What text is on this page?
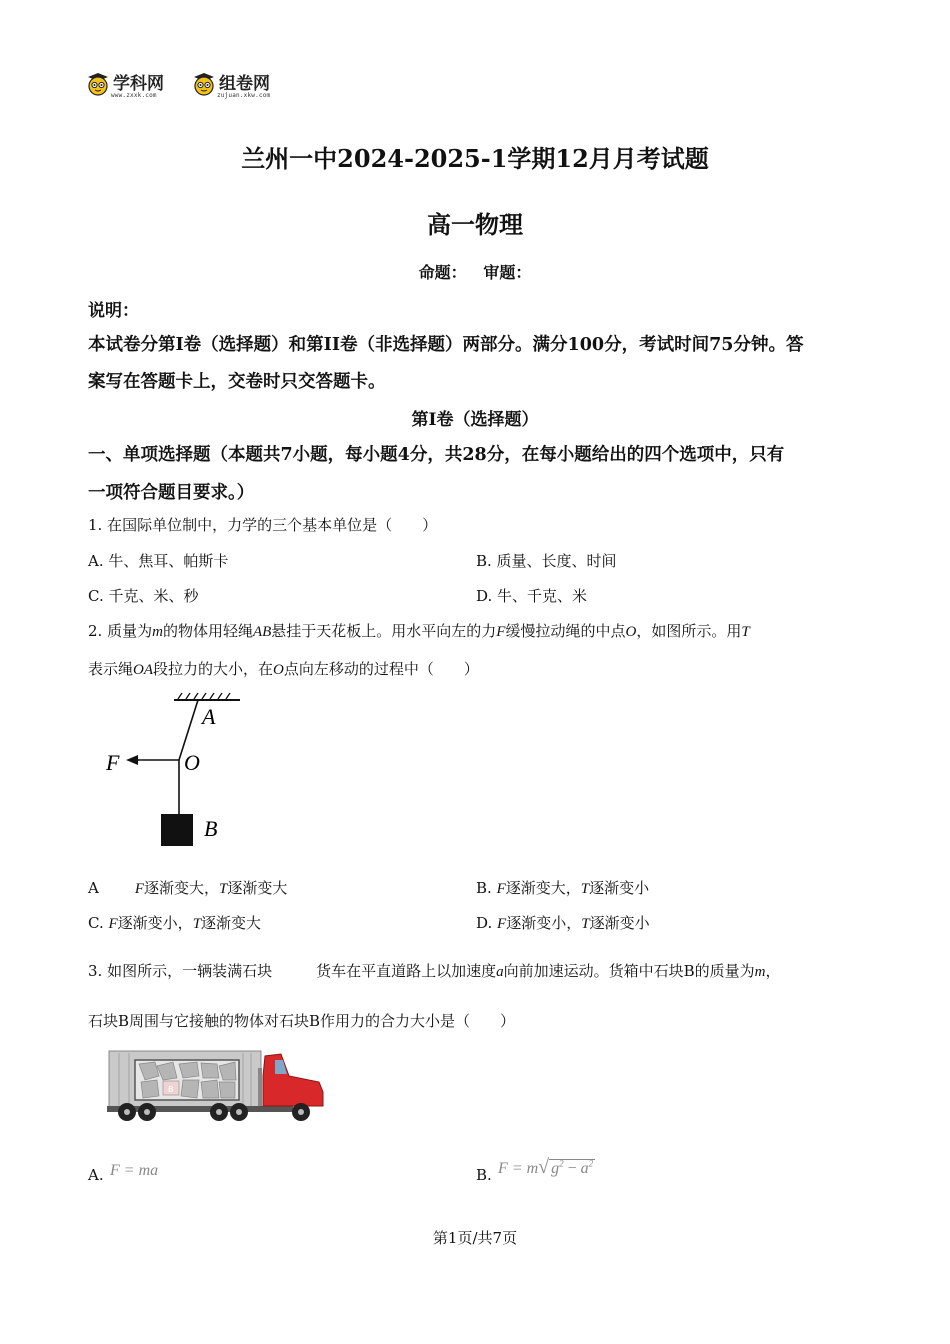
学科网
www.zxxk.com
组卷网
zujuan.xkw.com
兰州一中2024-2025-1学期12月月考试题
高一物理
命题：   审题：
说明：
本试卷分第I卷（选择题）和第II卷（非选择题）两部分。满分100分，考试时间75分钟。答
案写在答题卡上，交卷时只交答题卡。
第I卷（选择题）
一、单项选择题（本题共7小题，每小题4分，共28分，在每小题给出的四个选项中，只有
一项符合题目要求。）
1. 在国际单位制中，力学的三个基本单位是（　　）
A. 牛、焦耳、帕斯卡	B. 质量、长度、时间
C. 千克、米、秒	D. 牛、千克、米
2. 质量为m的物体用轻绳AB悬挂于天花板上。用水平向左的力F缓慢拉动绳的中点O，如图所示。用T
表示绳OA段拉力的大小，在O点向左移动的过程中（　　）
A
O
F
B
A F逐渐变大，T逐渐变大	B. F逐渐变大，T逐渐变小
C. F逐渐变小，T逐渐变大	D. F逐渐变小，T逐渐变小
3. 如图所示，一辆装满石块	货车在平直道路上以加速度a向前加速运动。货箱中石块B的质量为m，
石块B周围与它接触的物体对石块B作用力的合力大小是（　　）
B
A. F = ma	B. F = m√ $g^2 - a^2$
第1页/共7页
